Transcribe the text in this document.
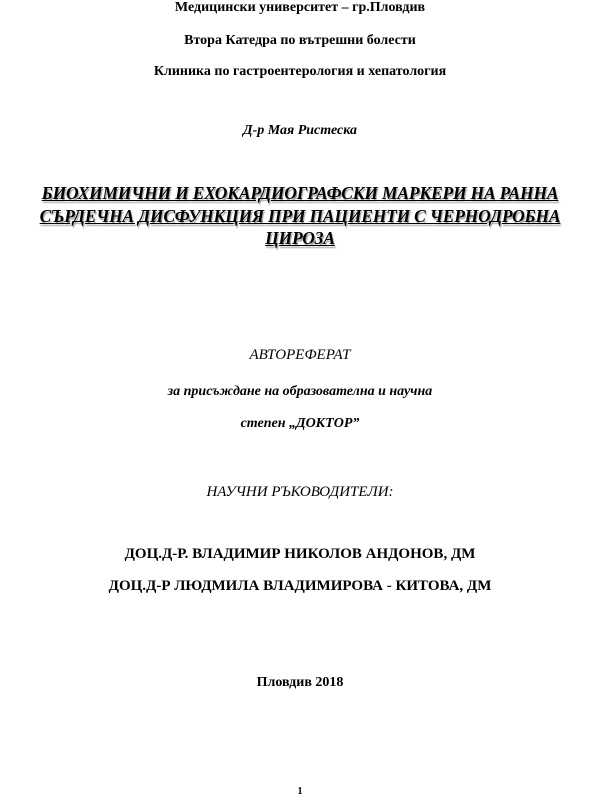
Медицински университет – гр.Пловдив
Втора Катедра по вътрешни болести
Клиника по гастроентерология и хепатология
Д-р Мая Ристеска
БИОХИМИЧНИ И ЕХОКАРДИОГРАФСКИ МАРКЕРИ НА РАННА
СЪРДЕЧНА ДИСФУНКЦИЯ ПРИ ПАЦИЕНТИ С ЧЕРНОДРОБНА
ЦИРОЗА
АВТОРЕФЕРАТ
за присъждане на образователна и научна
степен „ДОКТОР”
НАУЧНИ РЪКОВОДИТЕЛИ:
ДОЦ.Д-Р. ВЛАДИМИР НИКОЛОВ АНДОНОВ, ДМ
ДОЦ.Д-Р ЛЮДМИЛА ВЛАДИМИРОВА - КИТОВА, ДМ
Пловдив 2018
1
